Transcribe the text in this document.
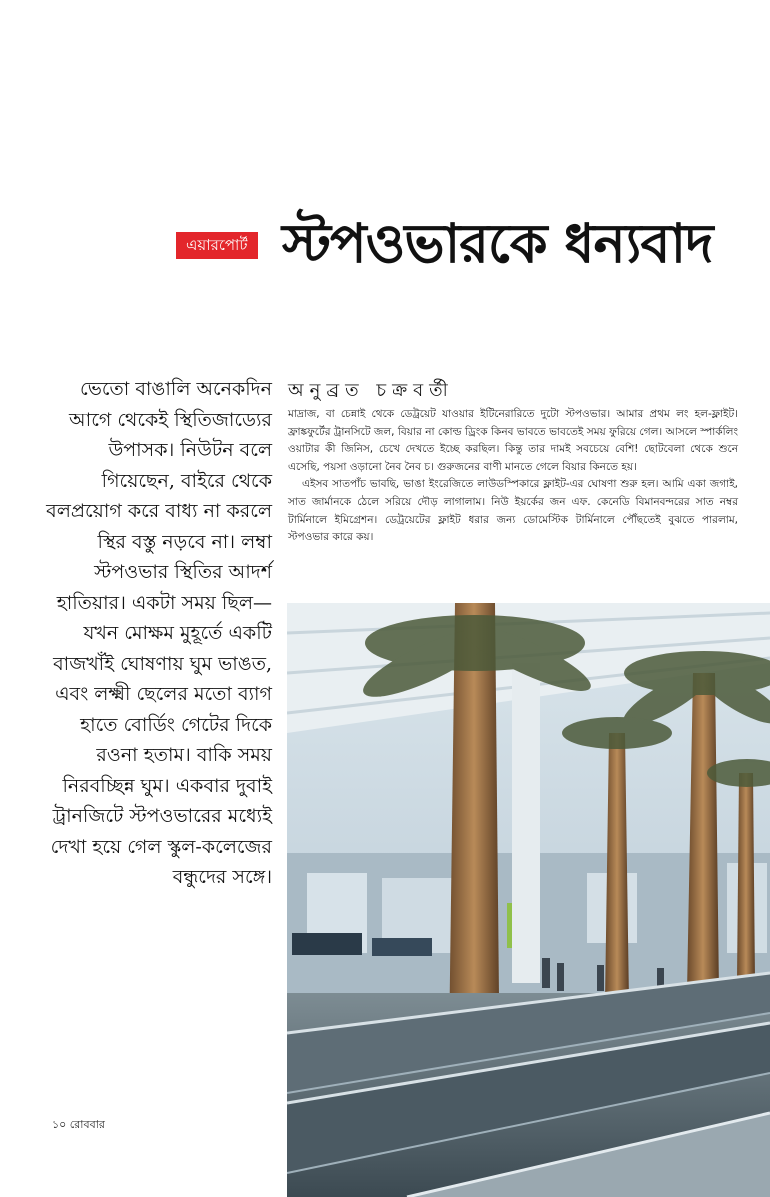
এয়ারপোর্ট স্টপওভারকে ধন্যবাদ
অনুব্রত চক্রবর্তী

ভেতো বাঙালি অনেকদিন আগে থেকেই স্থিতিজাড্যের উপাসক। নিউটন বলে গিয়েছেন, বাইরে থেকে বলপ্রয়োগ করে বাধ্য না করলে স্থির বস্তু নড়বে না। লম্বা স্টপওভার স্থিতির আদর্শ হাতিয়ার। একটা সময় ছিল— যখন মোক্ষম মুহূর্তে একটি বাজখাঁই ঘোষণায় ঘুম ভাঙত, এবং লক্ষ্মী ছেলের মতো ব্যাগ হাতে বোর্ডিং গেটের দিকে রওনা হতাম। বাকি সময় নিরবচ্ছিন্ন ঘুম। একবার দুবাই ট্রানজিটে স্টপওভারের মধ্যেই দেখা হয়ে গেল স্কুল-কলেজের বন্ধুদের সঙ্গে।

মাদ্রাজ, বা চেন্নাই থেকে ডেট্রয়েট যাওয়ার ইটিনেরারিতে দুটো স্টপওভার। আমার প্রথম লং হল-ফ্লাইট। ফ্রাঙ্কফুর্টের ট্রানসিটে জল, বিয়ার না কোল্ড ড্রিংক কিনব ভাবতে ভাবতেই সময় ফুরিয়ে গেল। আসলে স্পার্কলিং ওয়াটার কী জিনিস, চেখে দেখতে ইচ্ছে করছিল। কিন্তু তার দামই সবচেয়ে বেশি! ছোটবেলা থেকে শুনে এসেছি, পয়সা ওড়ানো নৈব নৈব চ। গুরুজনের বাণী মানতে গেলে বিয়ার কিনতে হয়।

এইসব সাতপাঁচ ভাবছি, ভাঙা ইংরেজিতে লাউডস্পিকারে ফ্লাইট-এর ঘোষণা শুরু হল। আমি একা জগাই, সাত জার্মানকে ঠেলে সরিয়ে দৌড় লাগালাম। নিউ ইয়র্কের জন এফ. কেনেডি বিমানবন্দরের সাত নম্বর টার্মিনালে ইমিগ্রেশন। ডেট্রয়েটের ফ্লাইট ধরার জন্য ডোমেস্টিক টার্মিনালে পৌঁছতেই বুঝতে পারলাম, স্টপওভার কারে কয়।

১০ রোববার
